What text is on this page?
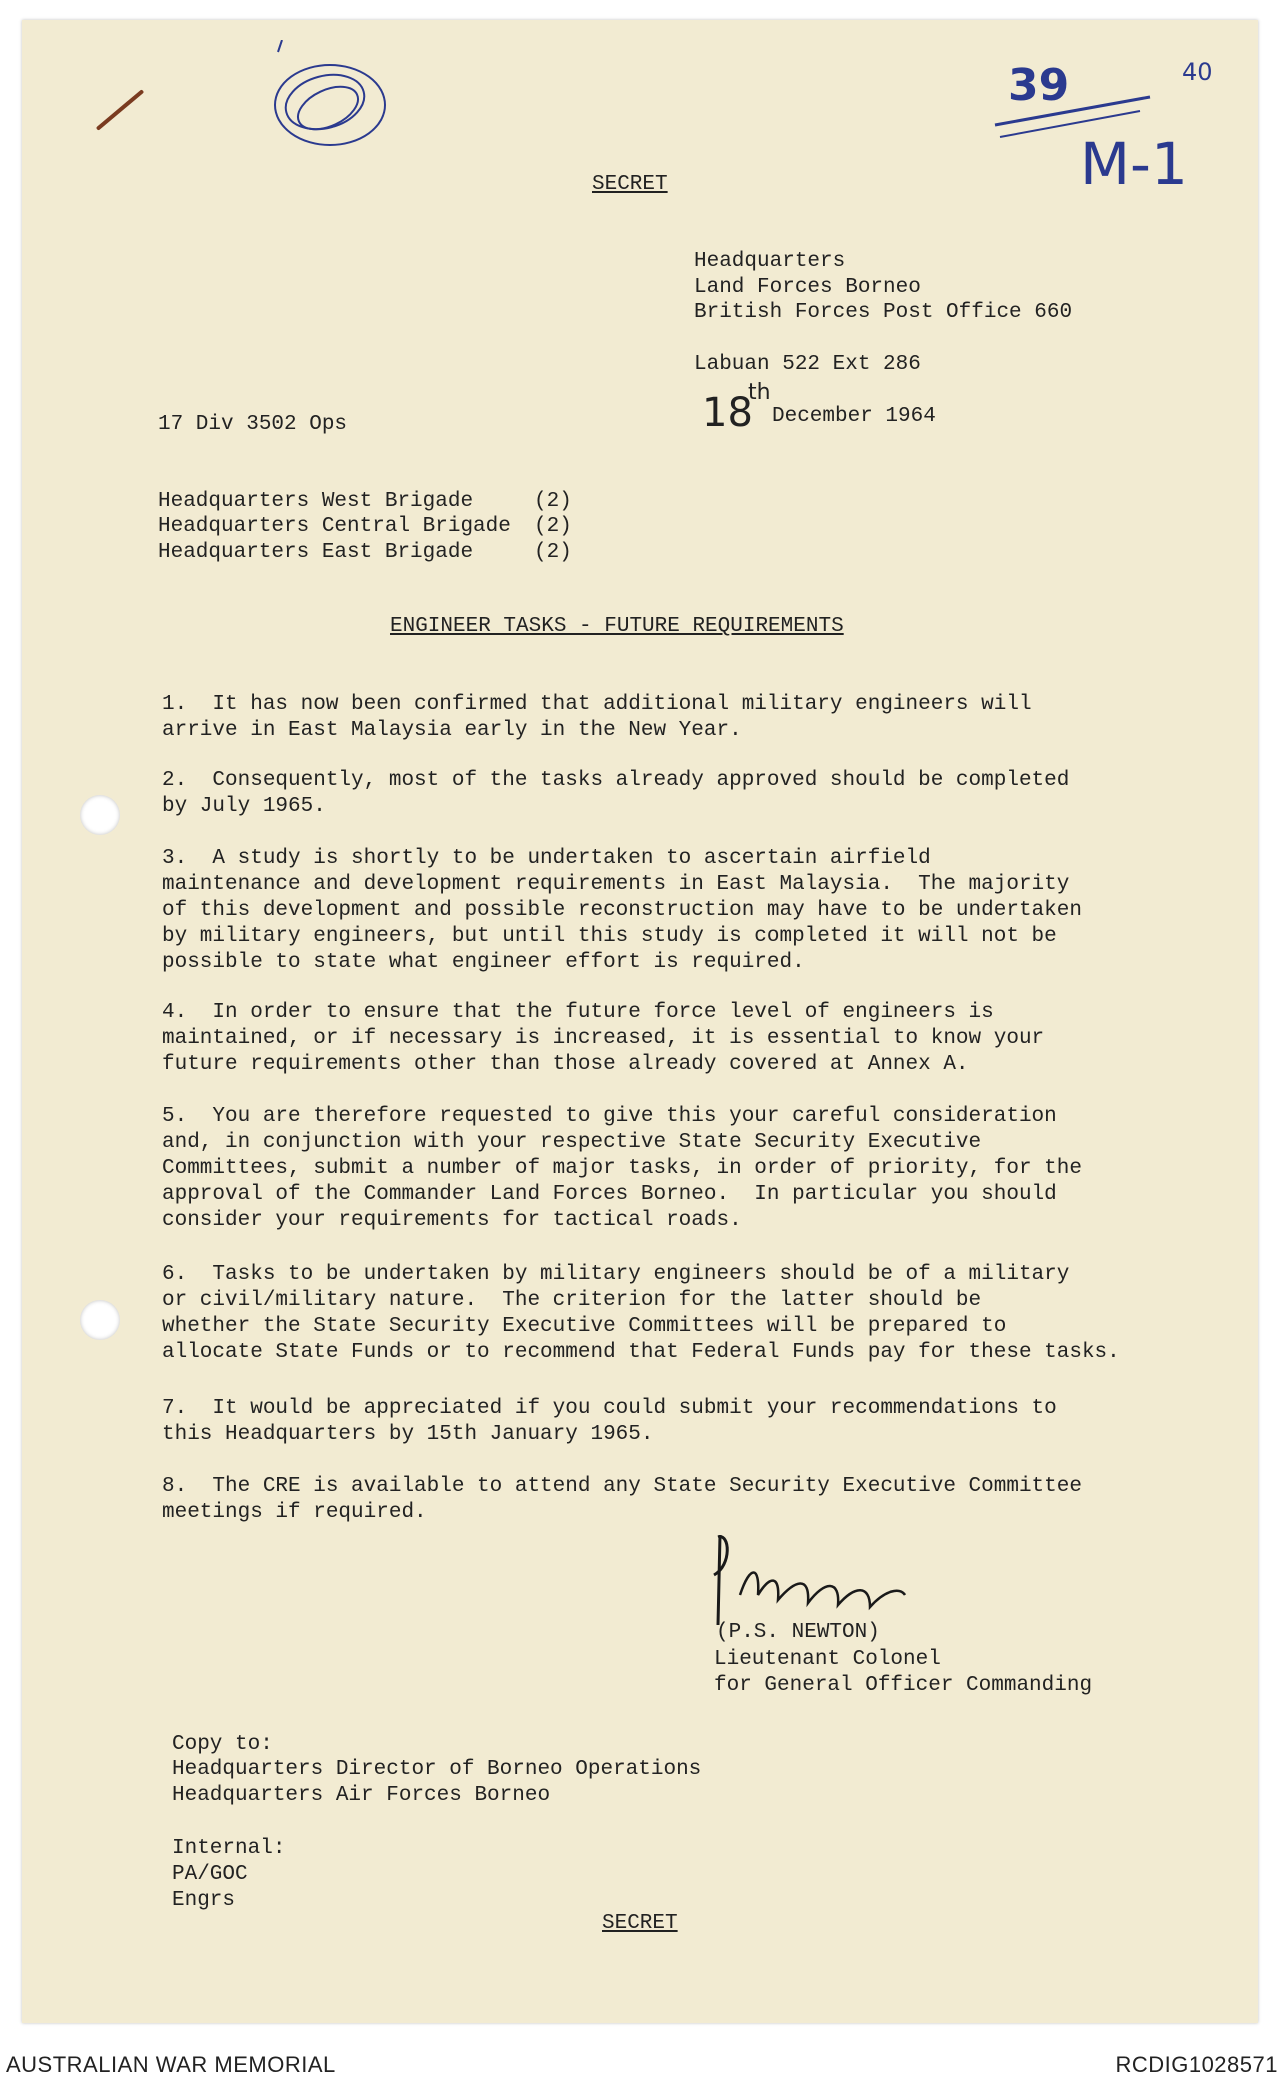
40
39
M-1
SECRET
Headquarters
Land Forces Borneo
British Forces Post Office 660
Labuan 522 Ext 286
18
th
December 1964
17 Div 3502 Ops
Headquarters West Brigade	(2)
Headquarters Central Brigade (2)
Headquarters East Brigade	(2)
ENGINEER TASKS - FUTURE REQUIREMENTS
1.  It has now been confirmed that additional military engineers will
arrive in East Malaysia early in the New Year.
2.  Consequently, most of the tasks already approved should be completed
by July 1965.
3.  A study is shortly to be undertaken to ascertain airfield
maintenance and development requirements in East Malaysia.  The majority
of this development and possible reconstruction may have to be undertaken
by military engineers, but until this study is completed it will not be
possible to state what engineer effort is required.
4.  In order to ensure that the future force level of engineers is
maintained, or if necessary is increased, it is essential to know your
future requirements other than those already covered at Annex A.
5.  You are therefore requested to give this your careful consideration
and, in conjunction with your respective State Security Executive
Committees, submit a number of major tasks, in order of priority, for the
approval of the Commander Land Forces Borneo.  In particular you should
consider your requirements for tactical roads.
6.  Tasks to be undertaken by military engineers should be of a military
or civil/military nature.  The criterion for the latter should be
whether the State Security Executive Committees will be prepared to
allocate State Funds or to recommend that Federal Funds pay for these tasks.
7.  It would be appreciated if you could submit your recommendations to
this Headquarters by 15th January 1965.
8.  The CRE is available to attend any State Security Executive Committee
meetings if required.
(P.S. NEWTON)
Lieutenant Colonel
for General Officer Commanding
Copy to:
Headquarters Director of Borneo Operations
Headquarters Air Forces Borneo
Internal:
PA/GOC
Engrs
SECRET
AUSTRALIAN WAR MEMORIAL	RCDIG1028571
